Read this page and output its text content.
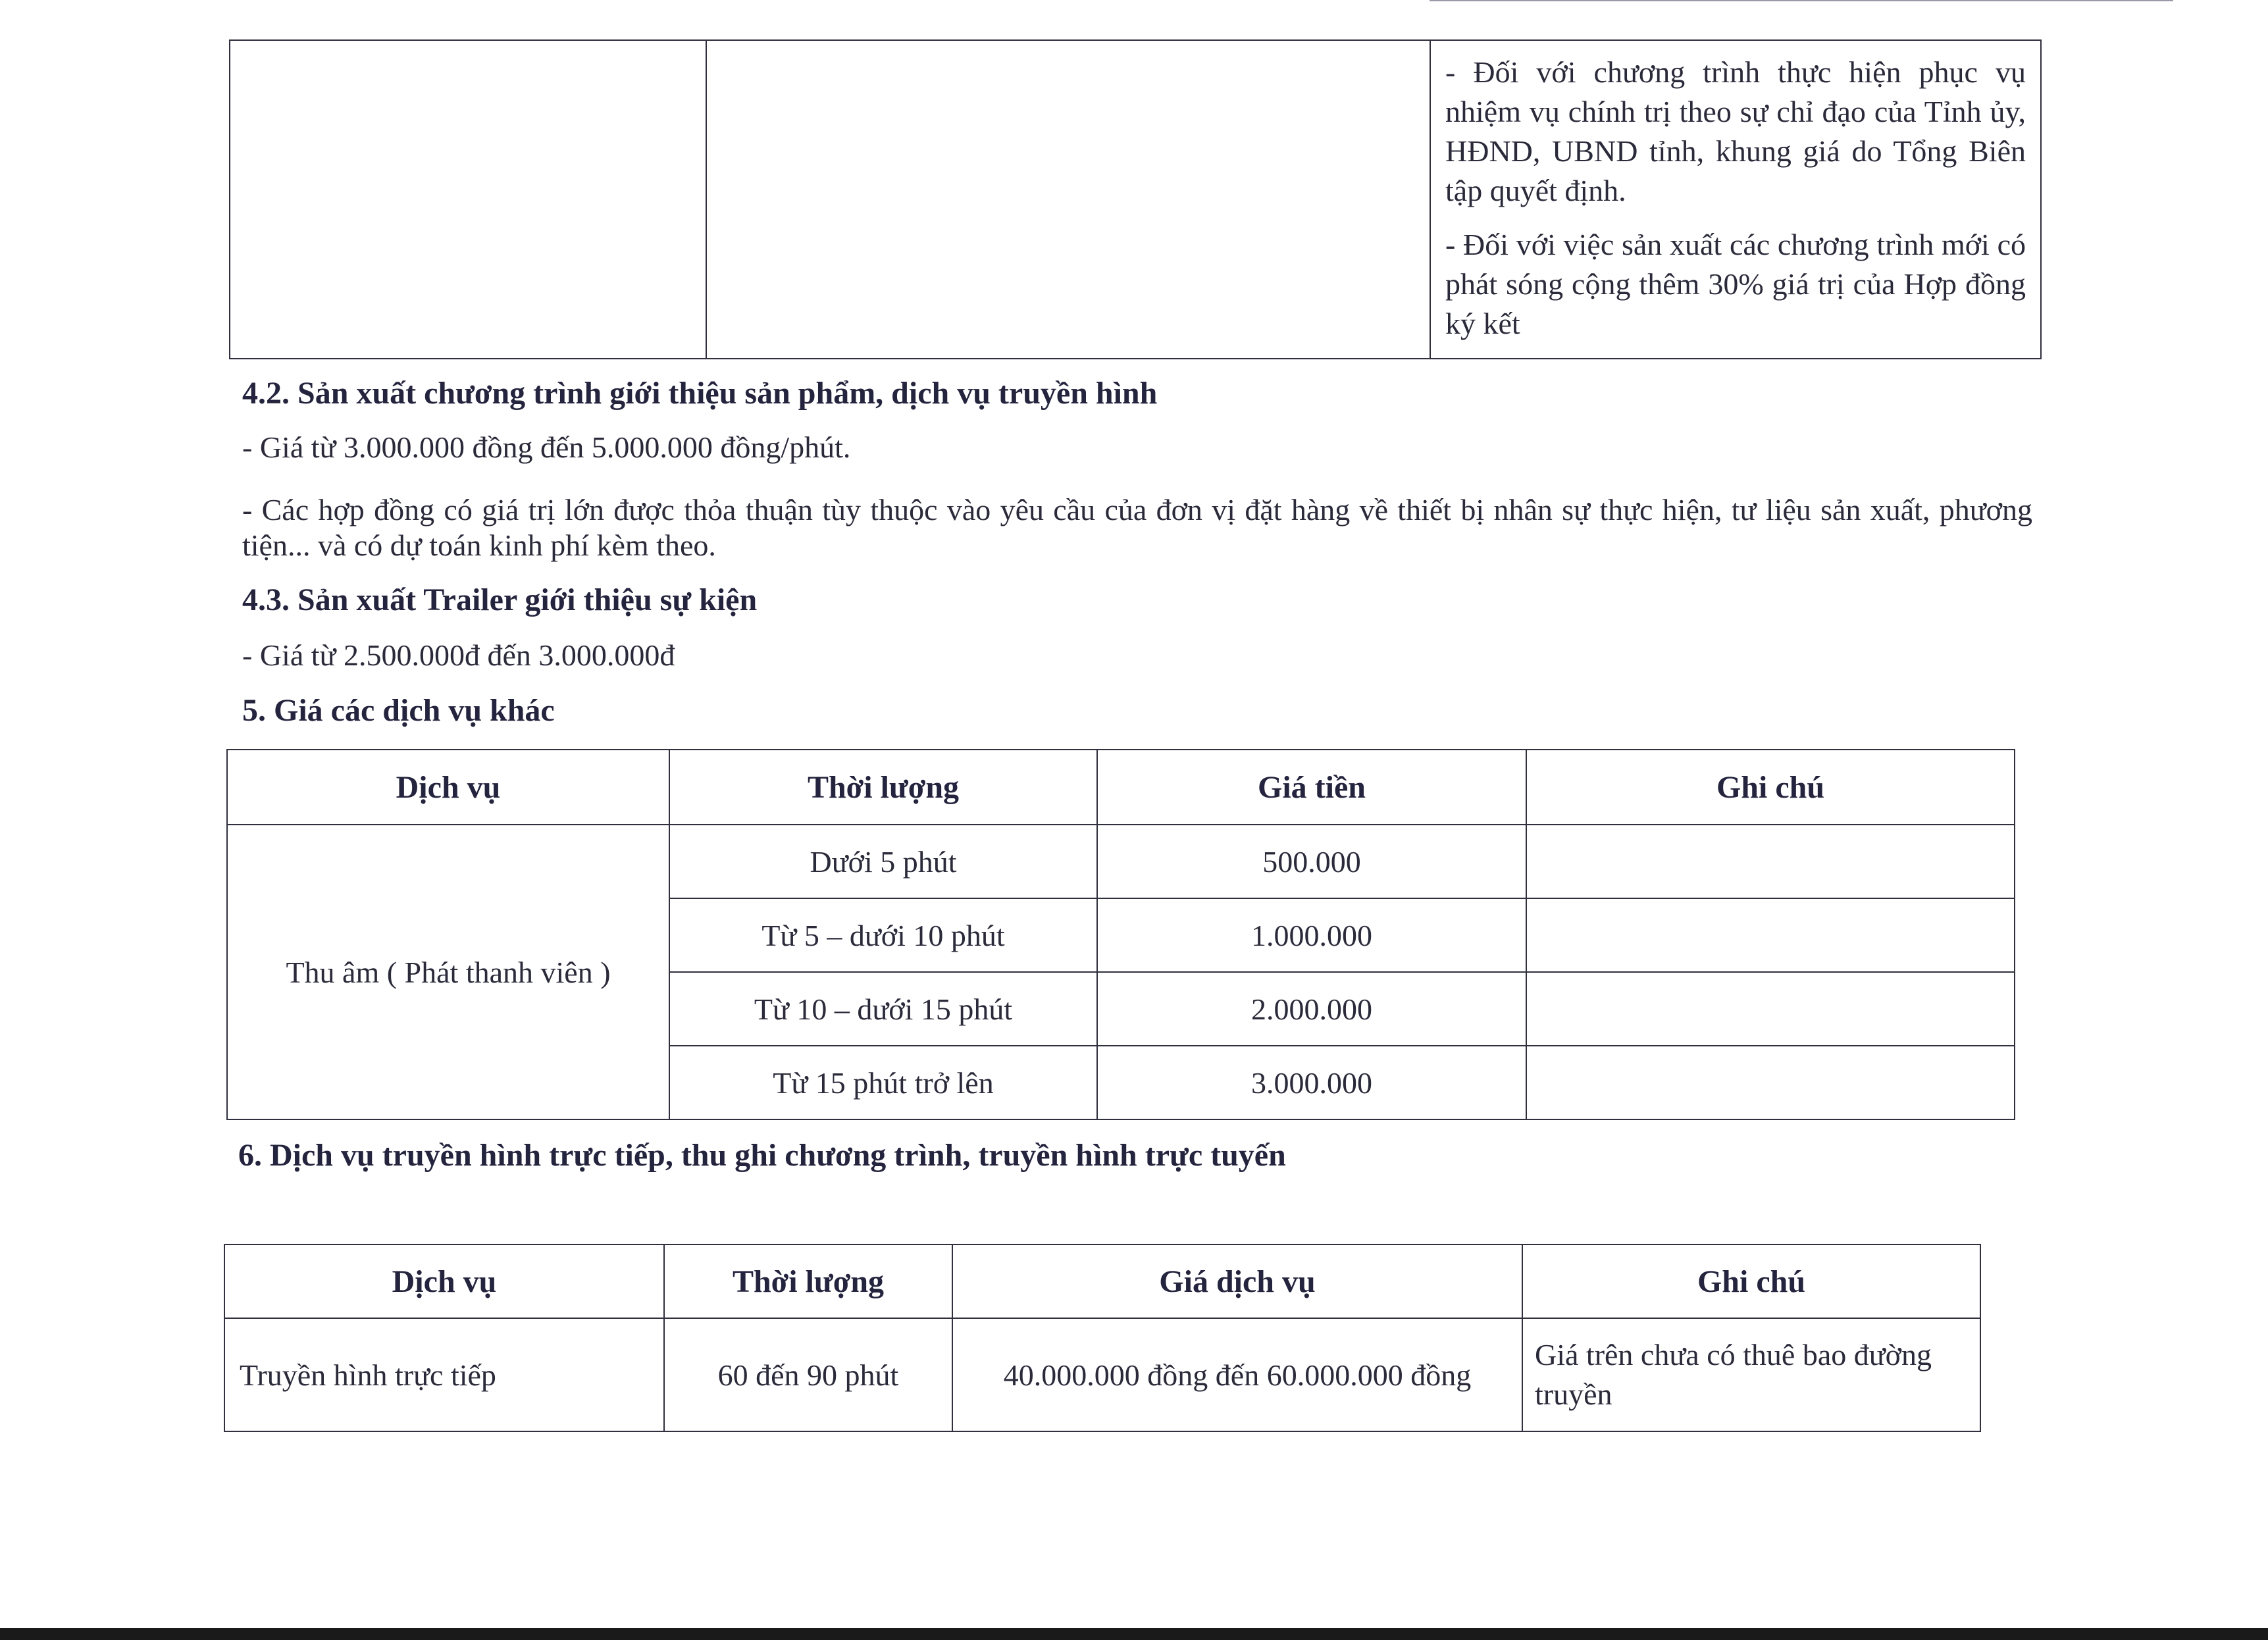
- Đối với chương trình thực hiện phục vụ nhiệm vụ chính trị theo sự chỉ đạo của Tỉnh ủy, HĐND, UBND tỉnh, khung giá do Tổng Biên tập quyết định.

- Đối với việc sản xuất các chương trình mới có phát sóng cộng thêm 30% giá trị của Hợp đồng ký kết

4.2. Sản xuất chương trình giới thiệu sản phẩm, dịch vụ truyền hình
- Giá từ 3.000.000 đồng đến 5.000.000 đồng/phút.
- Các hợp đồng có giá trị lớn được thỏa thuận tùy thuộc vào yêu cầu của đơn vị đặt hàng về thiết bị nhân sự thực hiện, tư liệu sản xuất, phương tiện... và có dự toán kinh phí kèm theo.
4.3. Sản xuất Trailer giới thiệu sự kiện
- Giá từ 2.500.000đ đến 3.000.000đ
5. Giá các dịch vụ khác
Dịch vụ	Thời lượng	Giá tiền	Ghi chú
Thu âm ( Phát thanh viên )	Dưới 5 phút	500.000	
	Từ 5 – dưới 10 phút	1.000.000	
	Từ 10 – dưới 15 phút	2.000.000	
	Từ 15 phút trở lên	3.000.000	
6. Dịch vụ truyền hình trực tiếp, thu ghi chương trình, truyền hình trực tuyến
Dịch vụ	Thời lượng	Giá dịch vụ	Ghi chú
Truyền hình trực tiếp	60 đến 90 phút	40.000.000 đồng đến 60.000.000 đồng	Giá trên chưa có thuê bao đường truyền
